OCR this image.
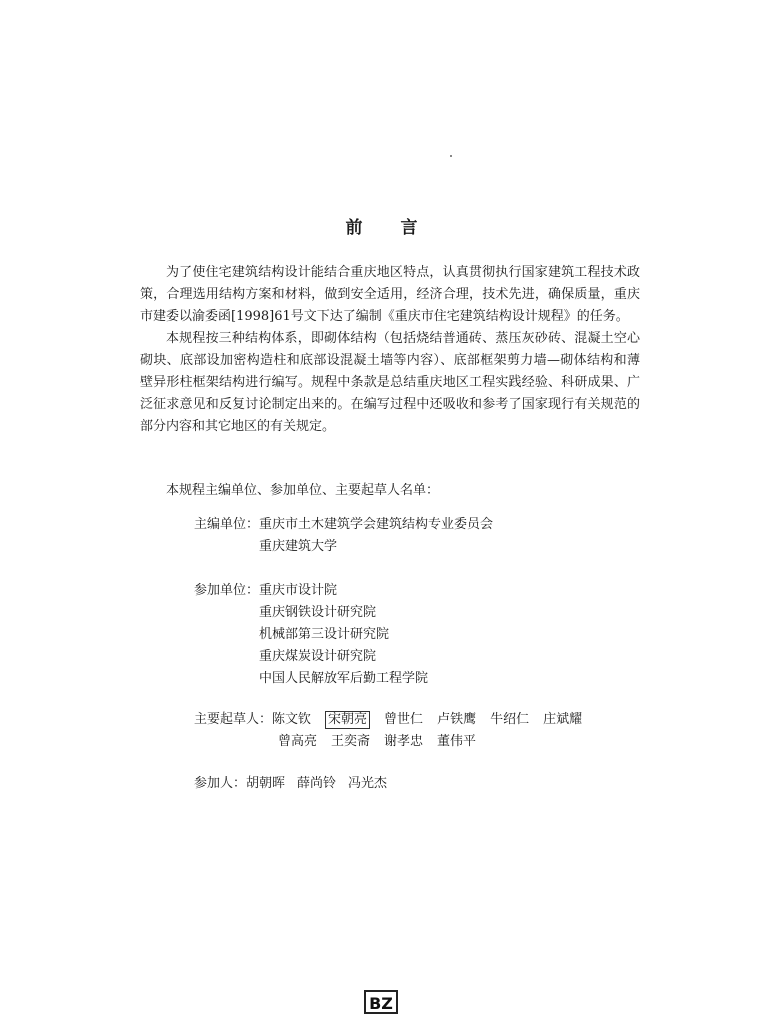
前 言

为了使住宅建筑结构设计能结合重庆地区特点，认真贯彻执行国家建筑工程技术政策，合理选用结构方案和材料，做到安全适用，经济合理，技术先进，确保质量，重庆市建委以渝委函[1998]61号文下达了编制《重庆市住宅建筑结构设计规程》的任务。

本规程按三种结构体系，即砌体结构（包括烧结普通砖、蒸压灰砂砖、混凝土空心砌块、底部设加密构造柱和底部设混凝土墙等内容）、底部框架剪力墙—砌体结构和薄壁异形柱框架结构进行编写。规程中条款是总结重庆地区工程实践经验、科研成果、广泛征求意见和反复讨论制定出来的。在编写过程中还吸收和参考了国家现行有关规范的部分内容和其它地区的有关规定。

本规程主编单位、参加单位、主要起草人名单：
主编单位： 重庆市土木建筑学会建筑结构专业委员会
重庆建筑大学
参加单位： 重庆市设计院
重庆钢铁设计研究院
机械部第三设计研究院
重庆煤炭设计研究院
中国人民解放军后勤工程学院
主要起草人：陈文钦 宋朝亮 曾世仁 卢铁鹰 牛绍仁 庄斌耀
曾高亮 王奕斋 谢孝忠 董伟平
参加人：胡朝晖 薛尚铃 冯光杰
BZ
